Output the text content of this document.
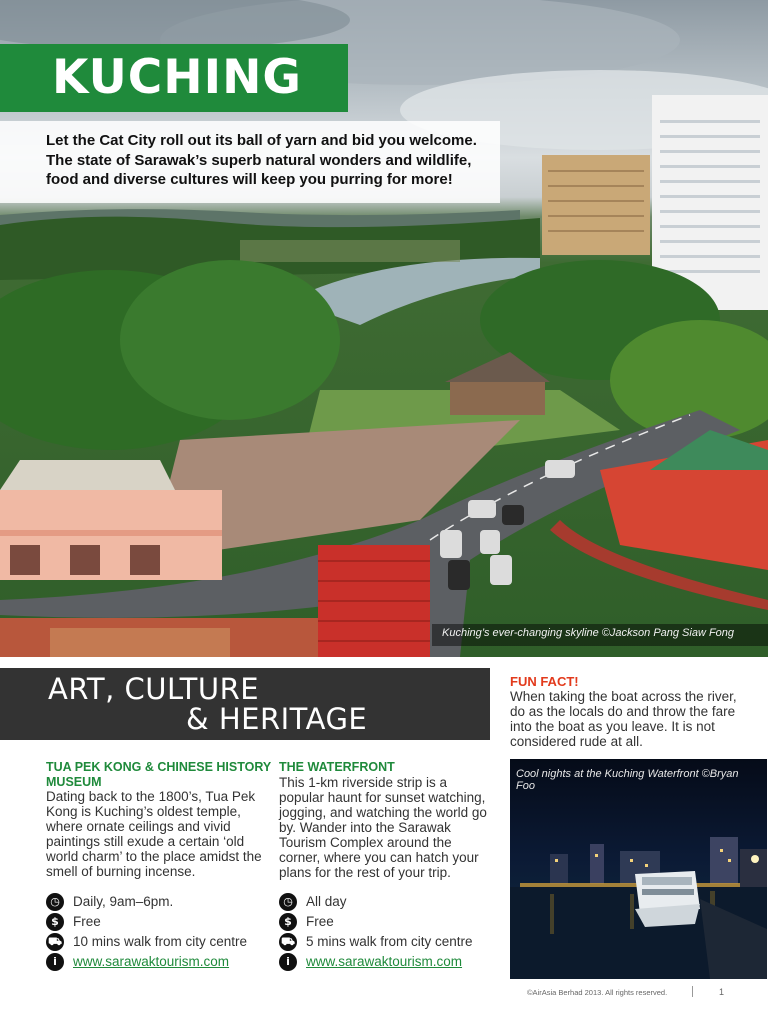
KUCHING
Let the Cat City roll out its ball of yarn and bid you welcome. The state of Sarawak’s superb natural wonders and wildlife, food and diverse cultures will keep you purring for more!
Kuching’s ever-changing skyline ©Jackson Pang Siaw Fong
ART, CULTURE
& HERITAGE
FUN FACT!
When taking the boat across the river, do as the locals do and throw the fare into the boat as you leave. It is not considered rude at all.
TUA PEK KONG & CHINESE HISTORY MUSEUM
Dating back to the 1800’s, Tua Pek Kong is Kuching’s oldest temple, where ornate ceilings and vivid paintings still exude a certain ‘old world charm’ to the place amidst the smell of burning incense.
◷ Daily, 9am–6pm.
$	Free
⛟ 10 mins walk from city centre
i	www.sarawaktourism.com
THE WATERFRONT
This 1-km riverside strip is a popular haunt for sunset watching, jogging, and watching the world go by. Wander into the Sarawak Tourism Complex around the corner, where you can hatch your plans for the rest of your trip.
◷ All day
$	Free
⛟ 5 mins walk from city centre
i	www.sarawaktourism.com
Cool nights at the Kuching Waterfront ©Bryan Foo
©AirAsia Berhad 2013. All rights reserved.	1
